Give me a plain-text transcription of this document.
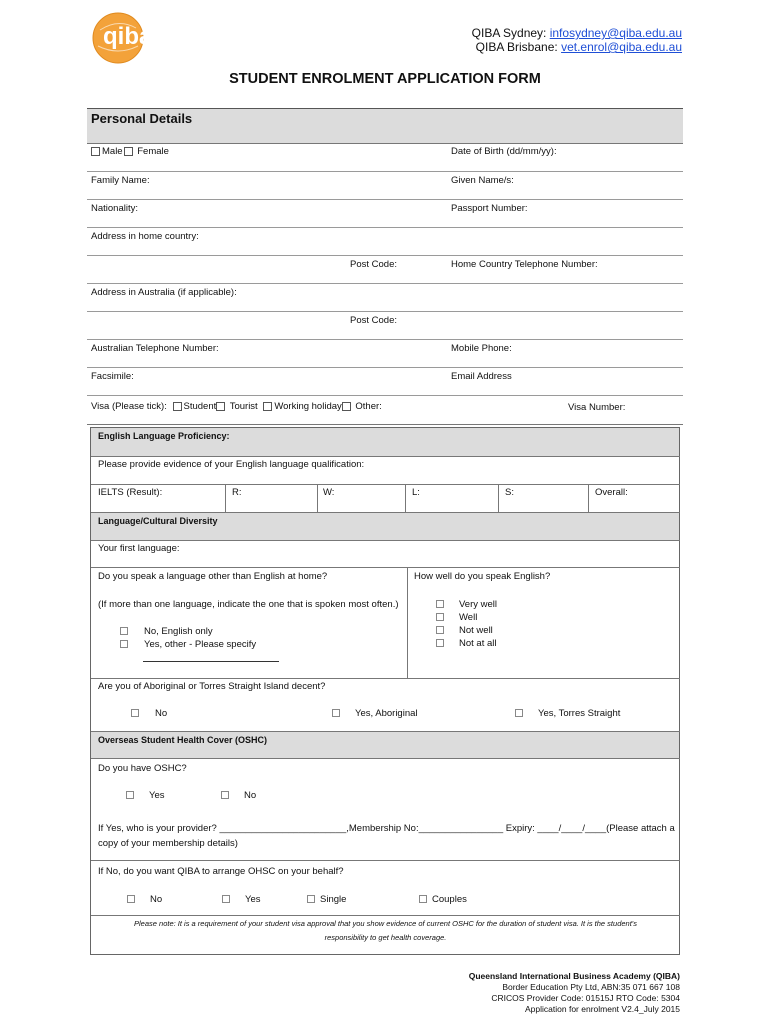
qiba	QIBA Sydney: infosydney@qiba.edu.au
QIBA Brisbane: vet.enrol@qiba.edu.au
STUDENT ENROLMENT APPLICATION FORM
Personal Details
Male Female	Date of Birth (dd/mm/yy):
Family Name:	Given Name/s:
Nationality:	Passport Number:
Address in home country:
Post Code:	Home Country Telephone Number:
Address in Australia (if applicable):
Post Code:
Australian Telephone Number:	Mobile Phone:
Facsimile:	Email Address
Visa (Please tick): Student Tourist Working holiday Other:	Visa Number:
English Language Proficiency:
Please provide evidence of your English language qualification:
IELTS (Result):	R:	W:	L:	S:	Overall:
Language/Cultural Diversity
Your first language:
Do you speak a language other than English at home?	How well do you speak English?
(If more than one language, indicate the one that is spoken most often.)
No, English only
Yes, other - Please specify
Very well
Well
Not well
Not at all
Are you of Aboriginal or Torres Straight Island decent?
No	Yes, Aboriginal	Yes, Torres Straight
Overseas Student Health Cover (OSHC)
Do you have OSHC?
Yes	No
If Yes, who is your provider? ________________________,Membership No:________________ Expiry: ____/____/____(Please attach a
copy of your membership details)
If No, do you want QIBA to arrange OHSC on your behalf?
No	Yes	Single	Couples
Please note: It is a requirement of your student visa approval that you show evidence of current OSHC for the duration of student visa. It is the student's
responsibility to get health coverage.
Queensland International Business Academy (QIBA)
Border Education Pty Ltd, ABN:35 071 667 108
CRICOS Provider Code: 01515J RTO Code: 5304
Application for enrolment V2.4_July 2015
